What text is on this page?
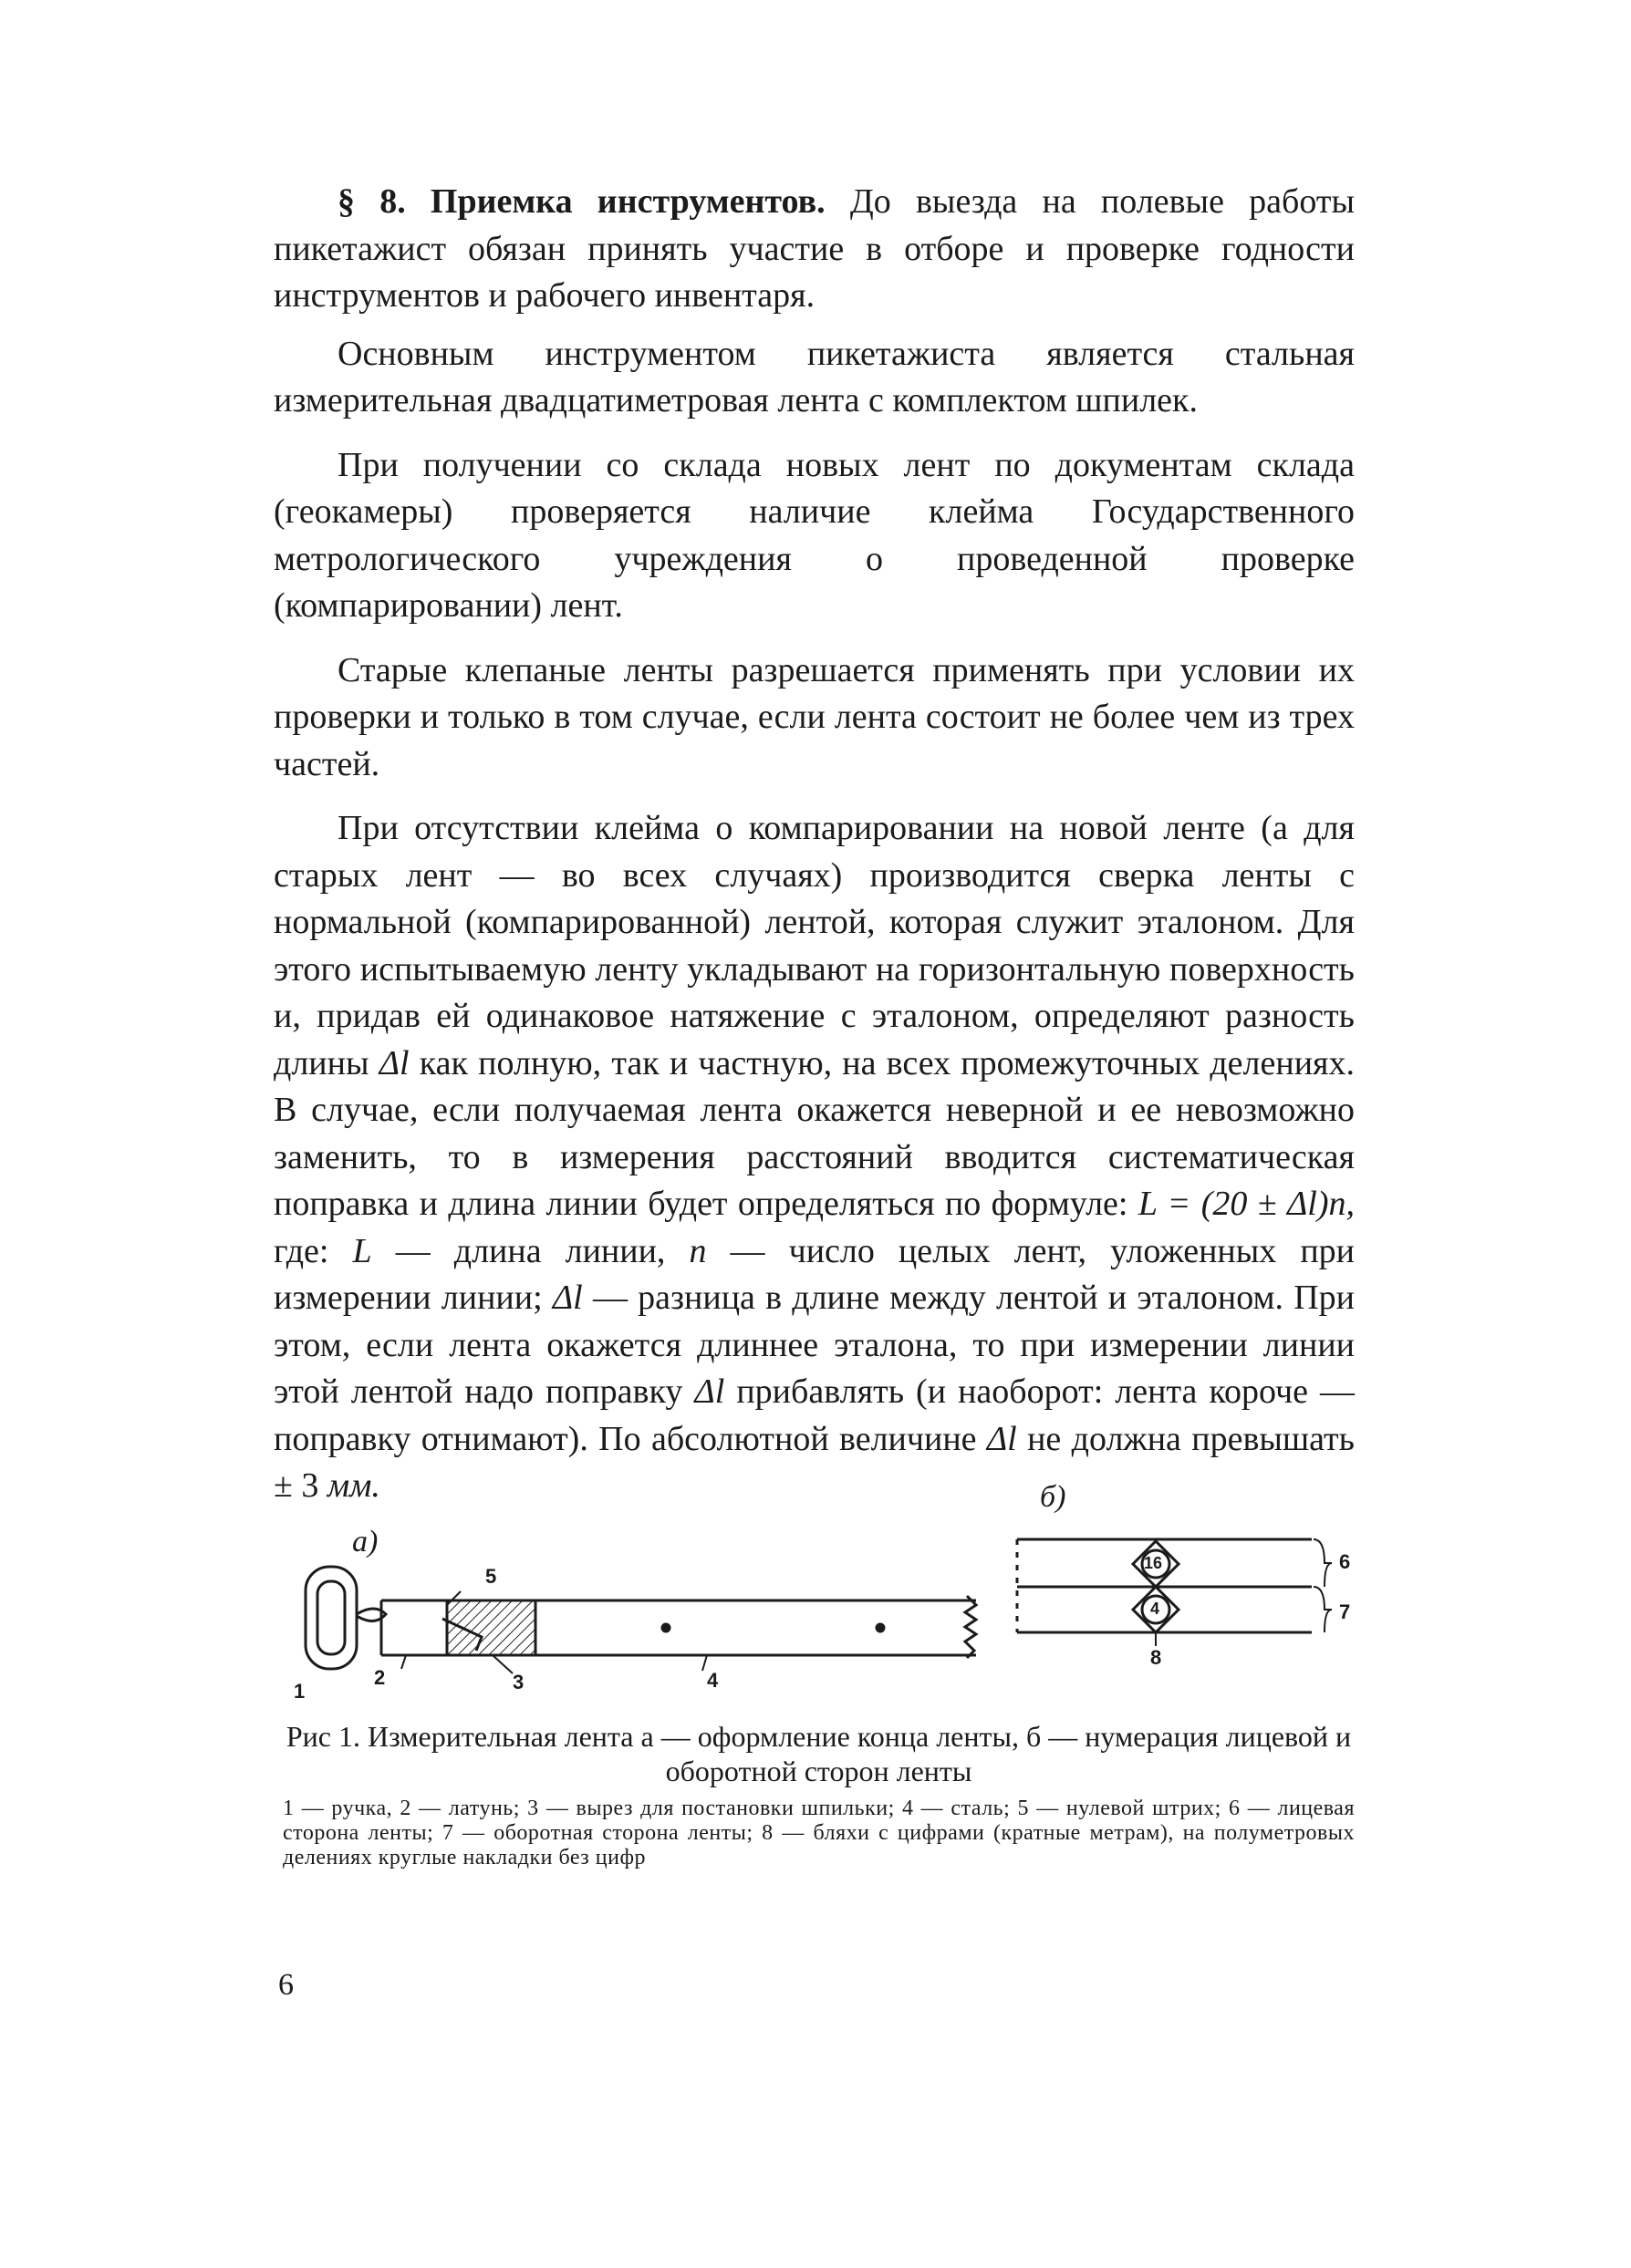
§ 8. Приемка инструментов. До выезда на полевые работы пикетажист обязан принять участие в отборе и проверке годности инструментов и рабочего инвентаря.

Основным инструментом пикетажиста является стальная измерительная двадцатиметровая лента с комплектом шпилек.

При получении со склада новых лент по документам склада (геокамеры) проверяется наличие клейма Государственного метрологического учреждения о проведенной проверке (компарировании) лент.

Старые клепаные ленты разрешается применять при условии их проверки и только в том случае, если лента состоит не более чем из трех частей.

При отсутствии клейма о компарировании на новой ленте (а для старых лент — во всех случаях) производится сверка ленты с нормальной (компарированной) лентой, которая служит эталоном. Для этого испытываемую ленту укладывают на горизонтальную поверхность и, придав ей одинаковое натяжение с эталоном, определяют разность длины Δl как полную, так и частную, на всех промежуточных делениях. В случае, если получаемая лента окажется неверной и ее невозможно заменить, то в измерения расстояний вводится систематическая поправка и длина линии будет определяться по формуле: L = (20 ± Δl)n, где: L — длина линии, n — число целых лент, уложенных при измерении линии; Δl — разница в длине между лентой и эталоном. При этом, если лента окажется длиннее эталона, то при измерении линии этой лентой надо поправку Δl прибавлять (и наоборот: лента короче — поправку отнимают). По абсолютной величине Δl не должна превышать ± 3 мм.

а)
б)
1
2	3	4
5
6
7
8
16
4
Рис 1. Измерительная лента а — оформление конца ленты, б — нумерация лицевой и оборотной сторон ленты
1 — ручка, 2 — латунь; 3 — вырез для постановки шпильки; 4 — сталь; 5 — нулевой штрих; 6 — лицевая сторона ленты; 7 — оборотная сторона ленты; 8 — бляхи с цифрами (кратные метрам), на полуметровых делениях круглые накладки без цифр
6
